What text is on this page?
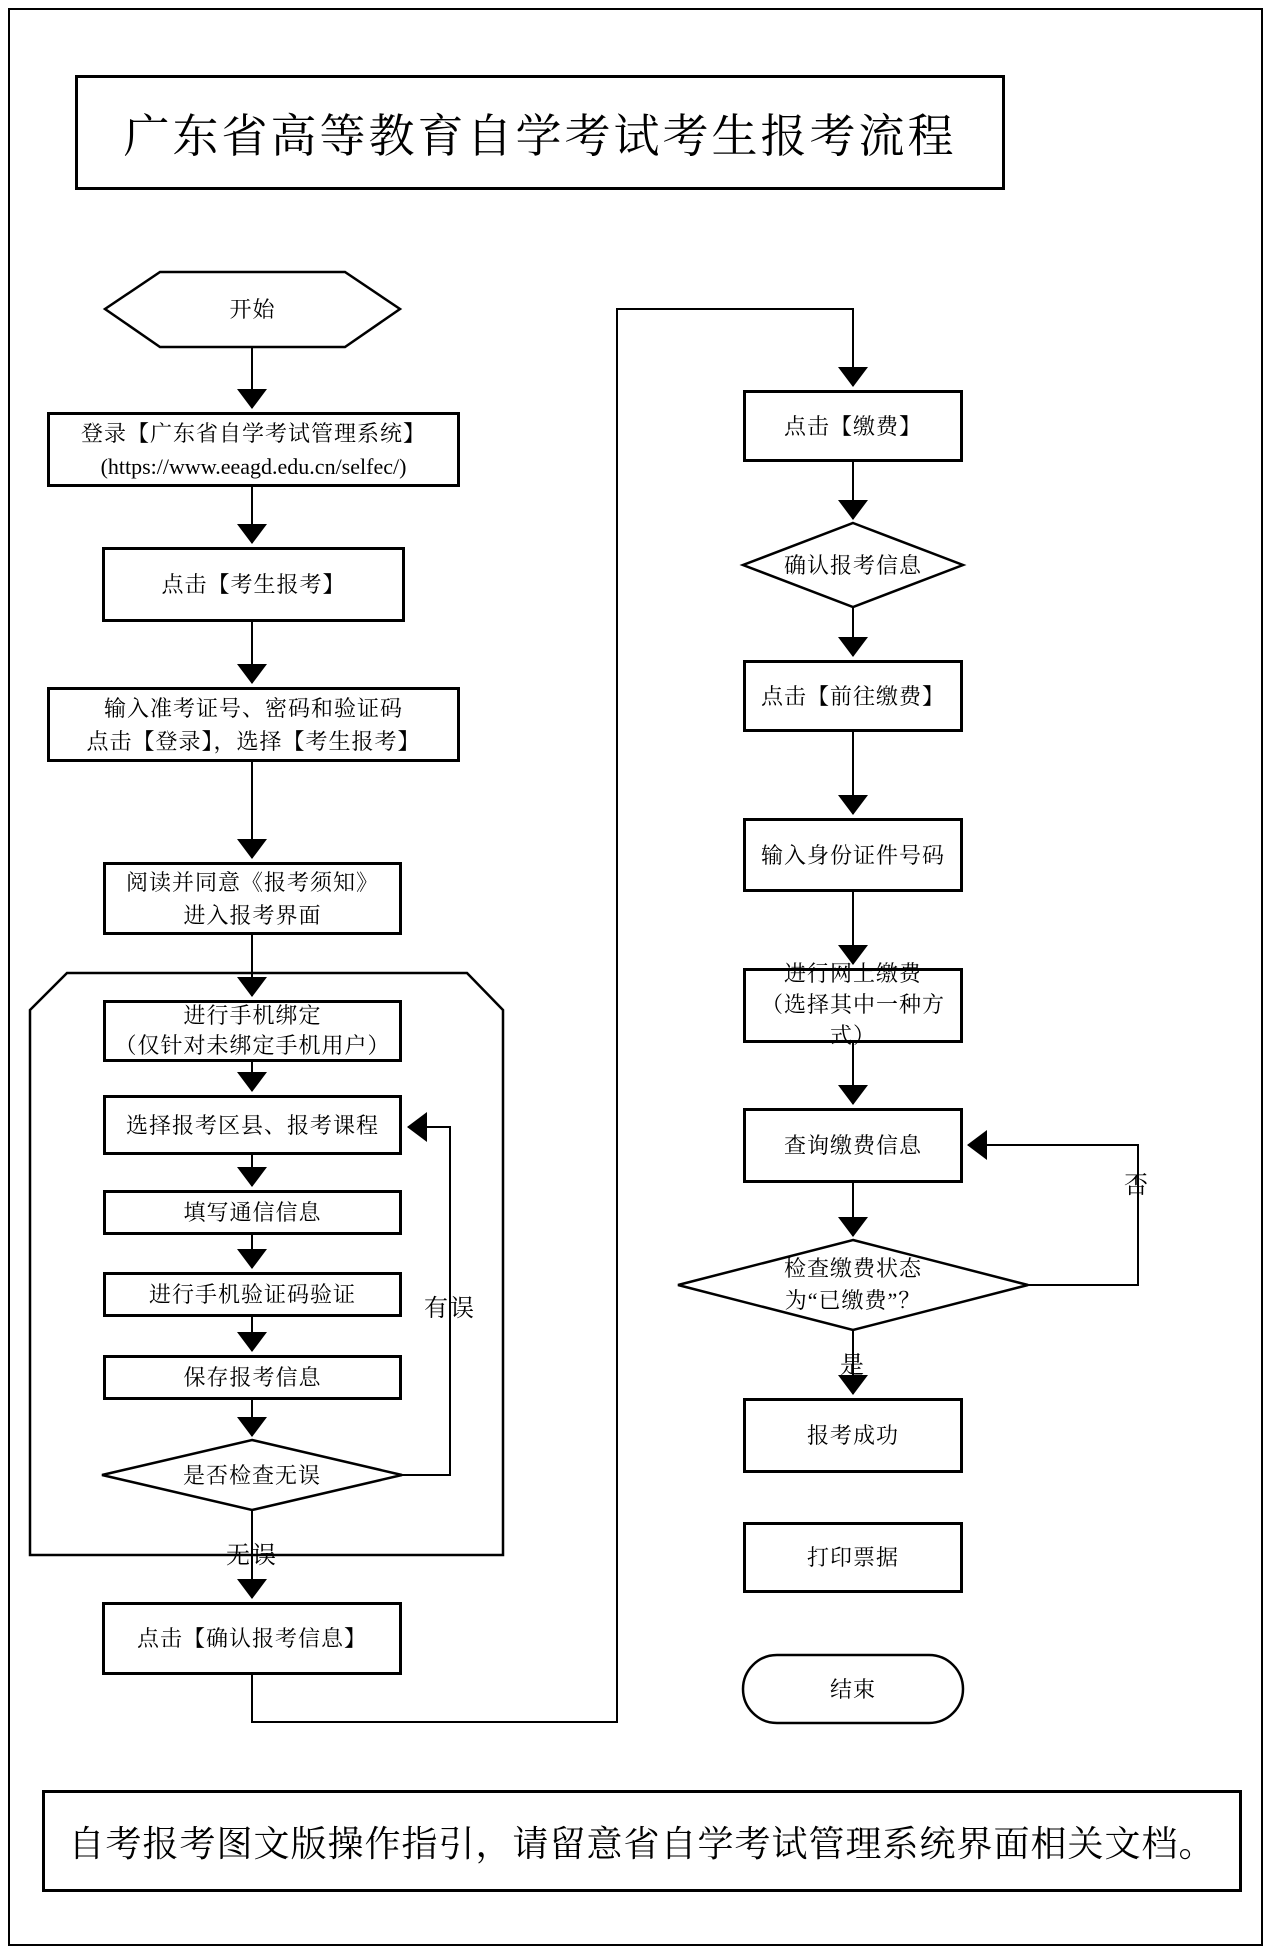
广东省高等教育自学考试考生报考流程
开始
登录【广东省自学考试管理系统】
(https://www.eeagd.edu.cn/selfec/)
点击【考生报考】
输入准考证号、密码和验证码
点击【登录】，选择【考生报考】
阅读并同意《报考须知》
进入报考界面
进行手机绑定
（仅针对未绑定手机用户）
选择报考区县、报考课程
填写通信信息
进行手机验证码验证
保存报考信息
是否检查无误
点击【确认报考信息】
点击【缴费】
确认报考信息
点击【前往缴费】
输入身份证件号码
进行网上缴费
（选择其中一种方式）
查询缴费信息
检查缴费状态
为“已缴费”？
报考成功
打印票据
结束
无误
有误
是
否
自考报考图文版操作指引，请留意省自学考试管理系统界面相关文档。
